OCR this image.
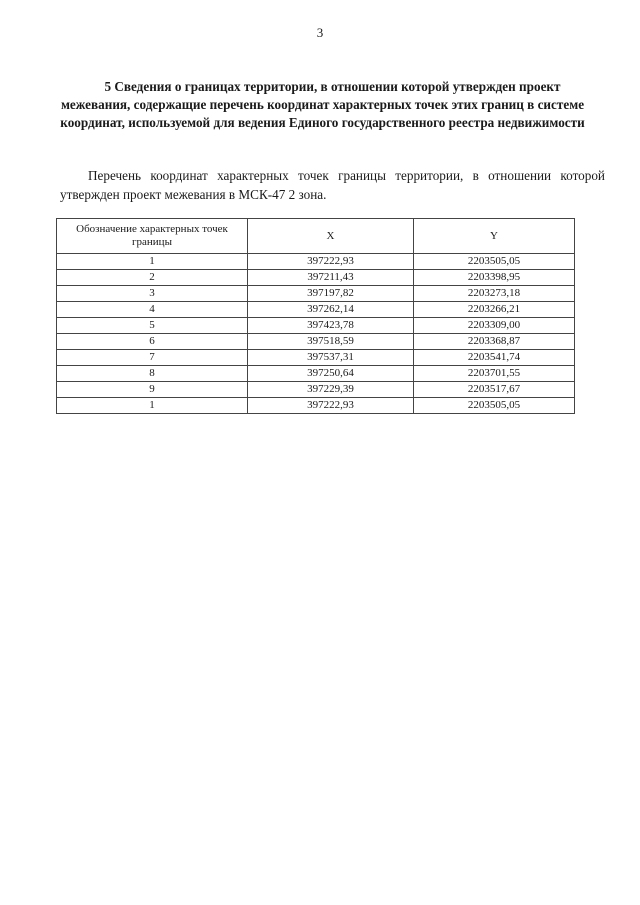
3
5 Сведения о границах территории, в отношении которой утвержден проект межевания, содержащие перечень координат характерных точек этих границ в системе координат, используемой для ведения Единого государственного реестра недвижимости
Перечень координат характерных точек границы территории, в отношении которой утвержден проект межевания в МСК-47 2 зона.
Обозначение характерных точек границы	X	Y
1	397222,93	2203505,05
2	397211,43	2203398,95
3	397197,82	2203273,18
4	397262,14	2203266,21
5	397423,78	2203309,00
6	397518,59	2203368,87
7	397537,31	2203541,74
8	397250,64	2203701,55
9	397229,39	2203517,67
1	397222,93	2203505,05
